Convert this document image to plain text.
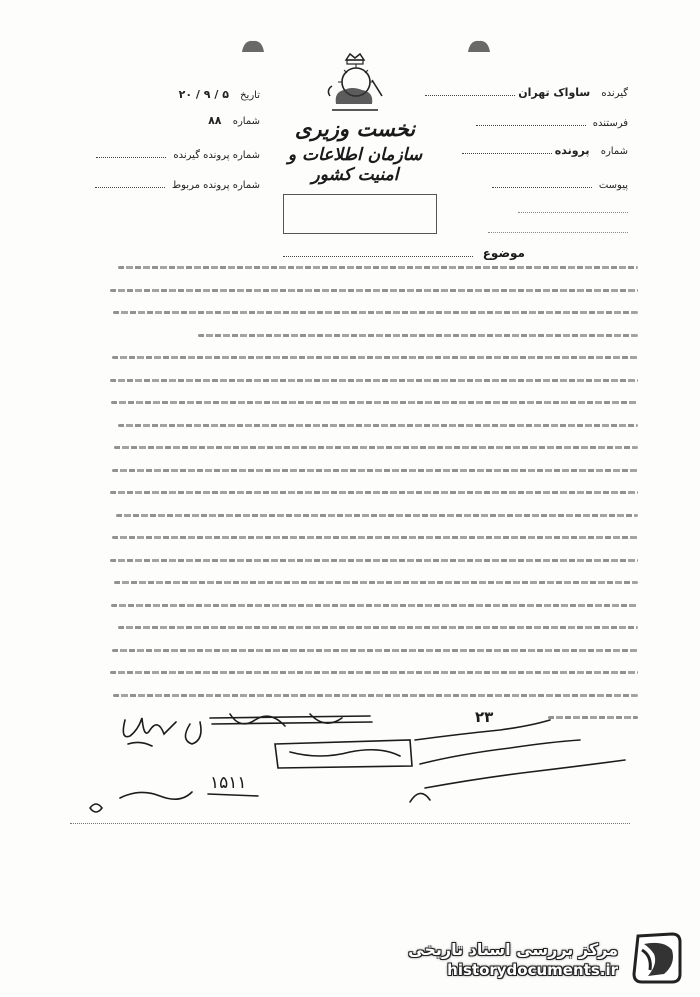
نخست وزیری
سازمان اطلاعات و امنیت کشور
تاریخ ۵ / ۹ / ۲۰
شماره ۸۸
شماره پرونده گیرنده
شماره پرونده مربوط
گیرنده ساواک تهران
فرستنده
شماره پرونده
پیوست
موضوع
۲۳
۱۵۱۱
مرکز بررسی اسناد تاریخی
historydocuments.ir
